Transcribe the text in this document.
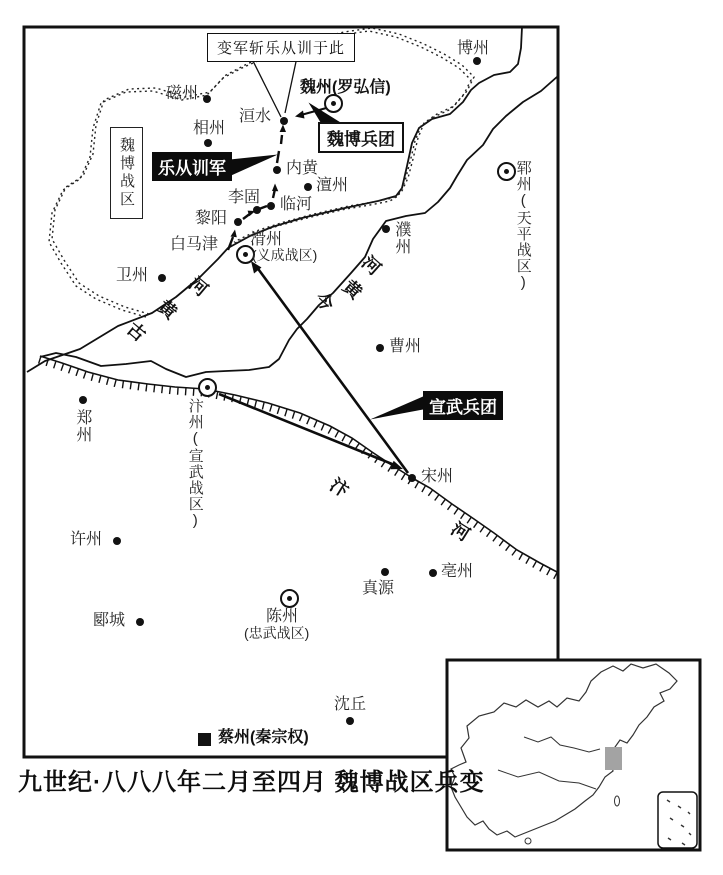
变军斩乐从训于此
乐从训军
魏博兵团
宣武兵团
魏博战区
古
黄
河
今 黄
河
汴
河
磁州
博州
相州
洹水
魏州(罗弘信)
内黄
澶州
临河
李固
黎阳
白马津
卫州
滑州
(义成战区)	濮州
郓州(天平战区)
曹州
汴州(宣武战区)
郑州
宋州
许州
郾城
真源
亳州
陈州
(忠武战区)
沈丘
蔡州(秦宗权)
九世纪·八八八年二月至四月 魏博战区兵变
